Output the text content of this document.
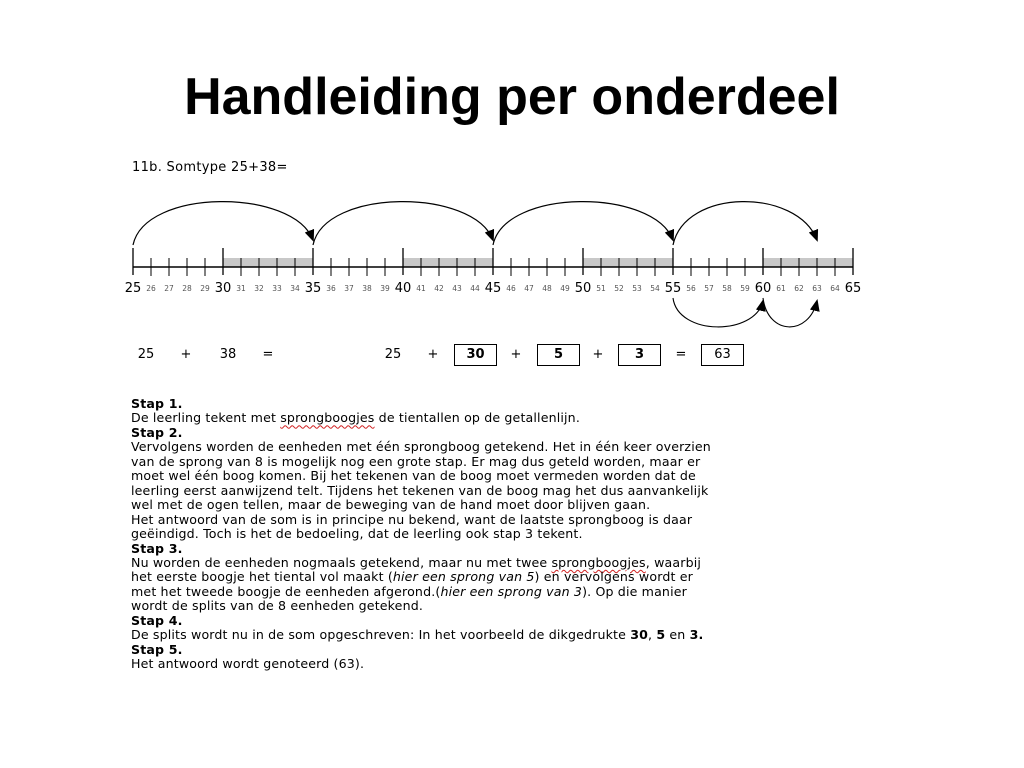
Handleiding per onderdeel
11b. Somtype 25+38=
25	30	35	40	45	50	55	60	65
26 27 28 29	31 32 33 34	36 37 38 39	41 42 43 44	46 47 48 49	51 52 53 54	56 57 58 59	61 62 63 64
25	+	38	=	25	+	30	+	5	+	3	=	63
Stap 1.
De leerling tekent met sprongboogjes de tientallen op de getallenlijn.
Stap 2.
Vervolgens worden de eenheden met één sprongboog getekend. Het in één keer overzien
van de sprong van 8 is mogelijk nog een grote stap. Er mag dus geteld worden, maar er
moet wel één boog komen. Bij het tekenen van de boog moet vermeden worden dat de
leerling eerst aanwijzend telt. Tijdens het tekenen van de boog mag het dus aanvankelijk
wel met de ogen tellen, maar de beweging van de hand moet door blijven gaan.
Het antwoord van de som is in principe nu bekend, want de laatste sprongboog is daar
geëindigd. Toch is het de bedoeling, dat de leerling ook stap 3 tekent.
Stap 3.
Nu worden de eenheden nogmaals getekend, maar nu met twee sprongboogjes, waarbij
het eerste boogje het tiental vol maakt (hier een sprong van 5) en vervolgens wordt er
met het tweede boogje de eenheden afgerond.(hier een sprong van 3). Op die manier
wordt de splits van de 8 eenheden getekend.
Stap 4.
De splits wordt nu in de som opgeschreven: In het voorbeeld de dikgedrukte 30, 5 en 3.
Stap 5.
Het antwoord wordt genoteerd (63).
